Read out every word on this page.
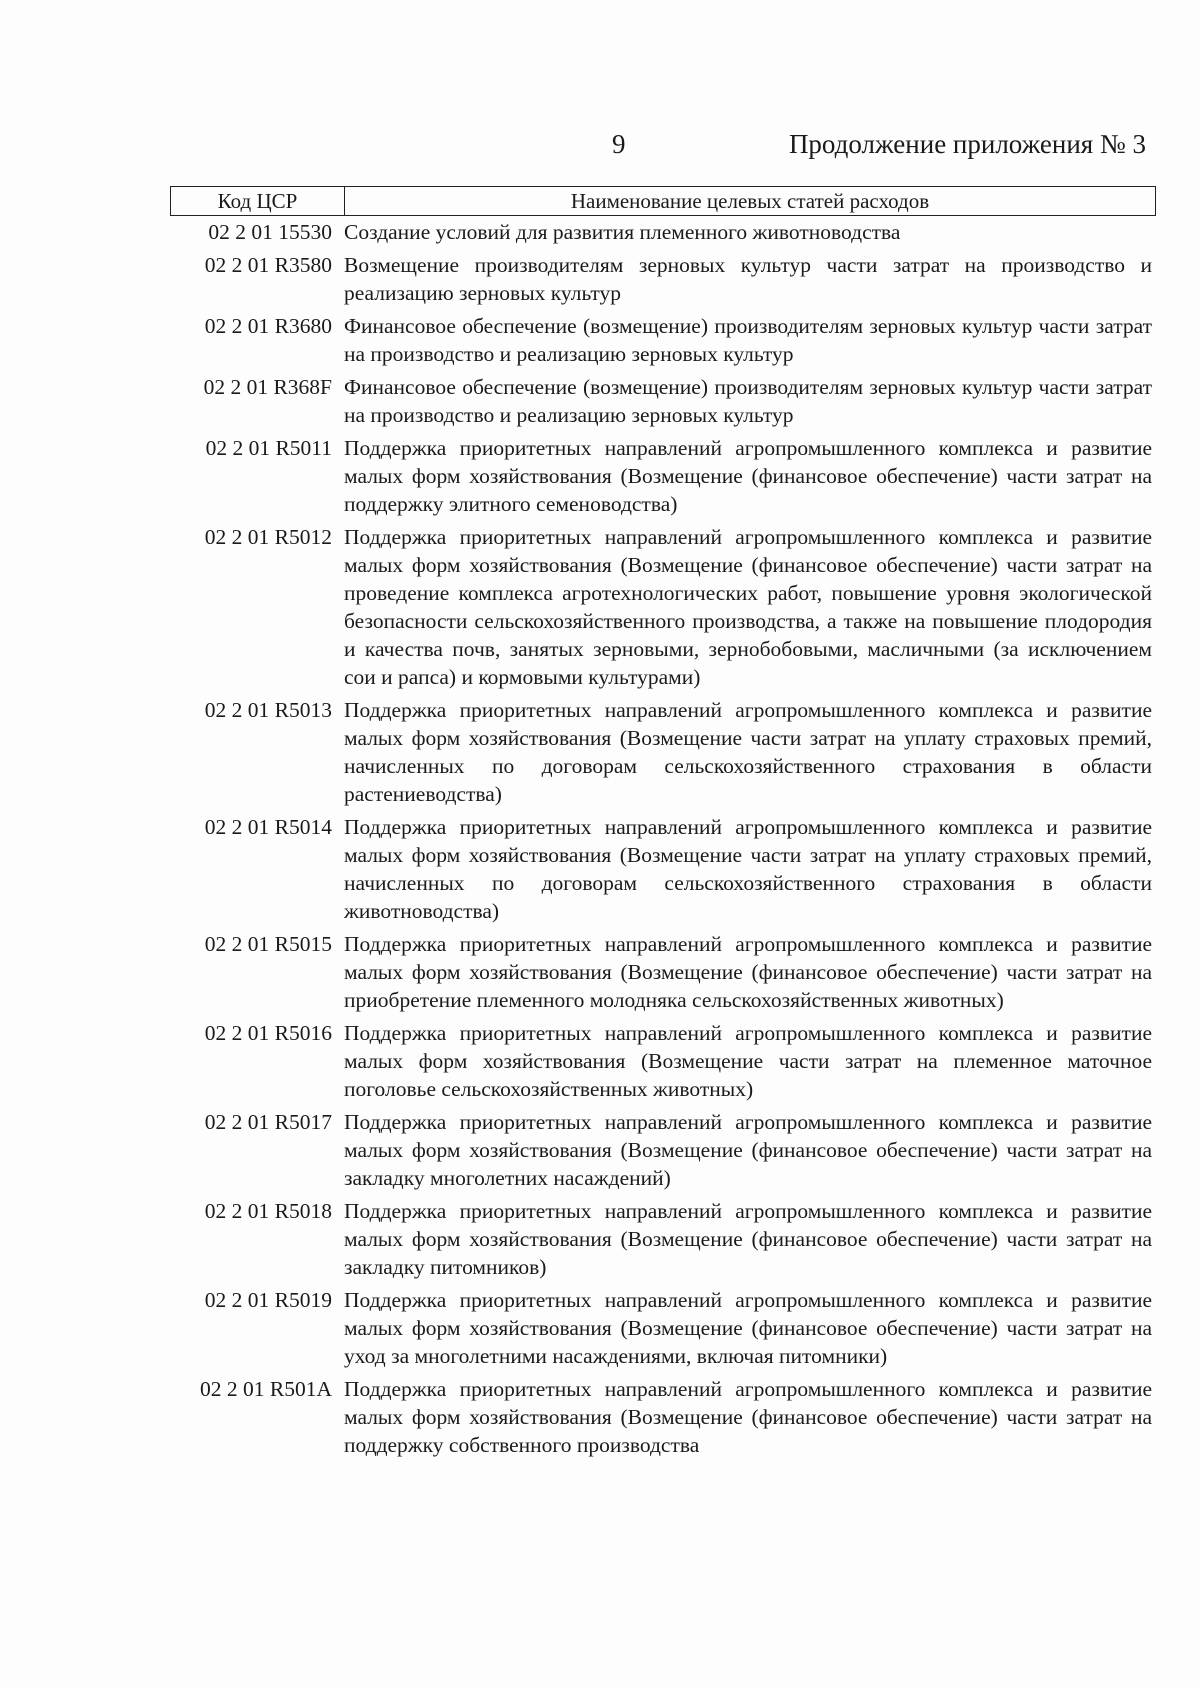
9	Продолжение приложения № 3
Код ЦСР	Наименование целевых статей расходов
02 2 01 15530 Создание условий для развития племенного животноводства
02 2 01 R3580 Возмещение производителям зерновых культур части затрат на производство и реализацию зерновых культур
02 2 01 R3680 Финансовое обеспечение (возмещение) производителям зерновых культур части затрат на производство и реализацию зерновых культур
02 2 01 R368F Финансовое обеспечение (возмещение) производителям зерновых культур части затрат на производство и реализацию зерновых культур
02 2 01 R5011 Поддержка приоритетных направлений агропромышленного комплекса и развитие малых форм хозяйствования (Возмещение (финансовое обеспечение) части затрат на поддержку элитного семеноводства)
02 2 01 R5012 Поддержка приоритетных направлений агропромышленного комплекса и развитие малых форм хозяйствования (Возмещение (финансовое обеспечение) части затрат на проведение комплекса агротехнологических работ, повышение уровня экологической безопасности сельскохозяйственного производства, а также на повышение плодородия и качества почв, занятых зерновыми, зернобобовыми, масличными (за исключением сои и рапса) и кормовыми культурами)
02 2 01 R5013 Поддержка приоритетных направлений агропромышленного комплекса и развитие малых форм хозяйствования (Возмещение части затрат на уплату страховых премий, начисленных по договорам сельскохозяйственного страхования в области растениеводства)
02 2 01 R5014 Поддержка приоритетных направлений агропромышленного комплекса и развитие малых форм хозяйствования (Возмещение части затрат на уплату страховых премий, начисленных по договорам сельскохозяйственного страхования в области животноводства)
02 2 01 R5015 Поддержка приоритетных направлений агропромышленного комплекса и развитие малых форм хозяйствования (Возмещение (финансовое обеспечение) части затрат на приобретение племенного молодняка сельскохозяйственных животных)
02 2 01 R5016 Поддержка приоритетных направлений агропромышленного комплекса и развитие малых форм хозяйствования (Возмещение части затрат на племенное маточное поголовье сельскохозяйственных животных)
02 2 01 R5017 Поддержка приоритетных направлений агропромышленного комплекса и развитие малых форм хозяйствования (Возмещение (финансовое обеспечение) части затрат на закладку многолетних насаждений)
02 2 01 R5018 Поддержка приоритетных направлений агропромышленного комплекса и развитие малых форм хозяйствования (Возмещение (финансовое обеспечение) части затрат на закладку питомников)
02 2 01 R5019 Поддержка приоритетных направлений агропромышленного комплекса и развитие малых форм хозяйствования (Возмещение (финансовое обеспечение) части затрат на уход за многолетними насаждениями, включая питомники)
02 2 01 R501A Поддержка приоритетных направлений агропромышленного комплекса и развитие малых форм хозяйствования (Возмещение (финансовое обеспечение) части затрат на поддержку собственного производства
